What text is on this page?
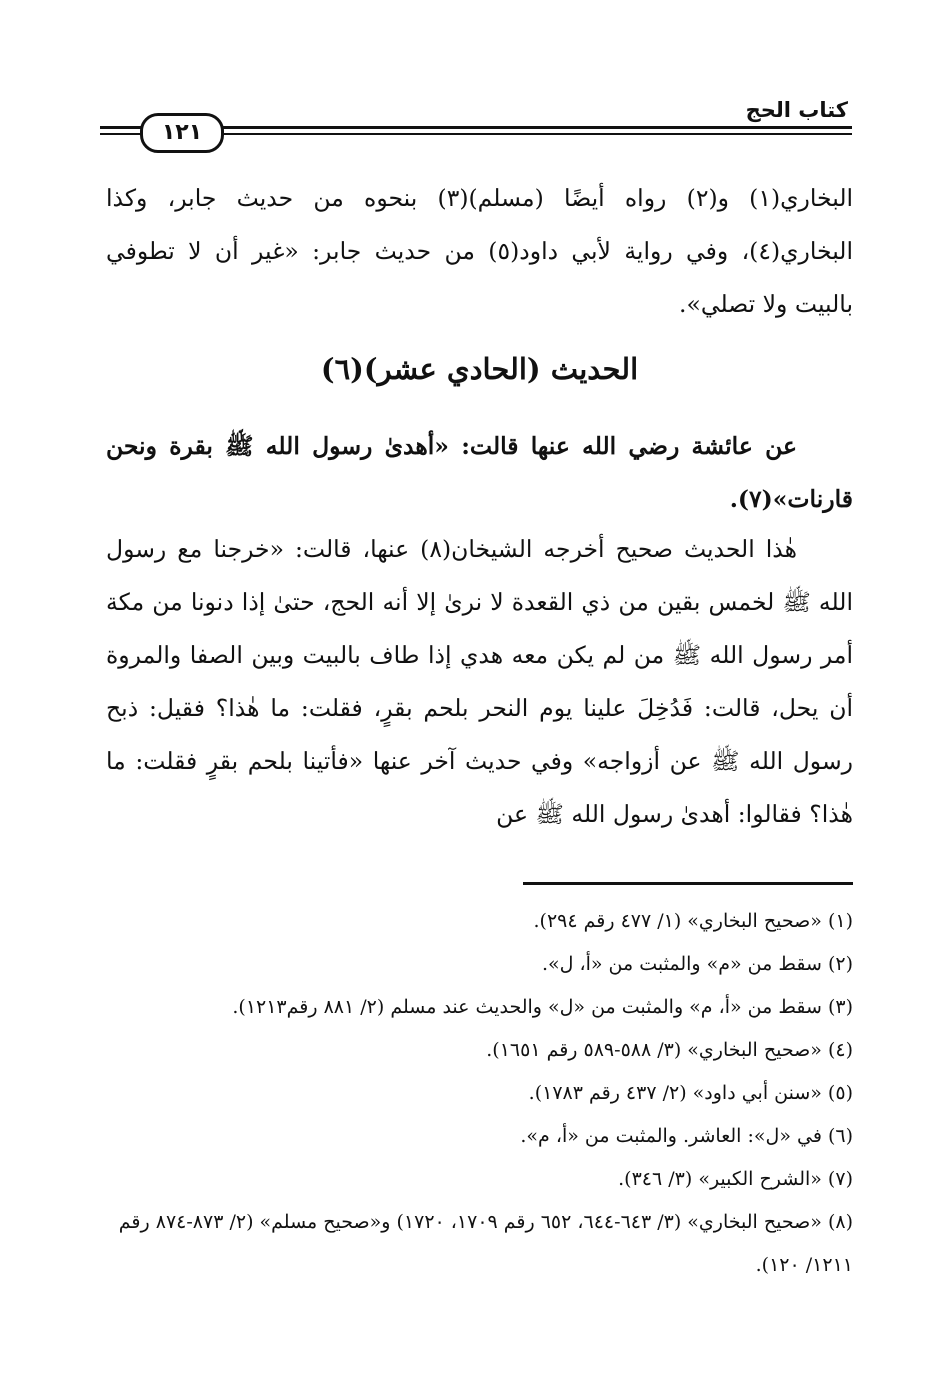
كتاب الحج
١٢١

البخاري(١) و(٢) رواه أيضًا (مسلم)(٣) بنحوه من حديث جابر، وكذا البخاري(٤)، وفي رواية لأبي داود(٥) من حديث جابر: «غير أن لا تطوفي بالبيت ولا تصلي».

الحديث (الحادي عشر)(٦)

عن عائشة رضي الله عنها قالت: «أهدىٰ رسول الله ﷺ بقرة ونحن قارنات»(٧).

هٰذا الحديث صحيح أخرجه الشيخان(٨) عنها، قالت: «خرجنا مع رسول الله ﷺ لخمس بقين من ذي القعدة لا نرىٰ إلا أنه الحج، حتىٰ إذا دنونا من مكة أمر رسول الله ﷺ من لم يكن معه هدي إذا طاف بالبيت وبين الصفا والمروة أن يحل، قالت: فَدُخِلَ علينا يوم النحر بلحم بقرٍ، فقلت: ما هٰذا؟ فقيل: ذبح رسول الله ﷺ عن أزواجه» وفي حديث آخر عنها «فأتينا بلحم بقرٍ فقلت: ما هٰذا؟ فقالوا: أهدىٰ رسول الله ﷺ عن

(١) «صحيح البخاري» (١/ ٤٧٧ رقم ٢٩٤).
(٢) سقط من «م» والمثبت من «أ، ل».
(٣) سقط من «أ، م» والمثبت من «ل» والحديث عند مسلم (٢/ ٨٨١ رقم١٢١٣).
(٤) «صحيح البخاري» (٣/ ٥٨٨-٥٨٩ رقم ١٦٥١).
(٥) «سنن أبي داود» (٢/ ٤٣٧ رقم ١٧٨٣).
(٦) في «ل»: العاشر. والمثبت من «أ، م».
(٧) «الشرح الكبير» (٣/ ٣٤٦).
(٨) «صحيح البخاري» (٣/ ٦٤٣-٦٤٤، ٦٥٢ رقم ١٧٠٩، ١٧٢٠) و«صحيح مسلم» (٢/ ٨٧٣-٨٧٤ رقم ١٢١١/ ١٢٠).
